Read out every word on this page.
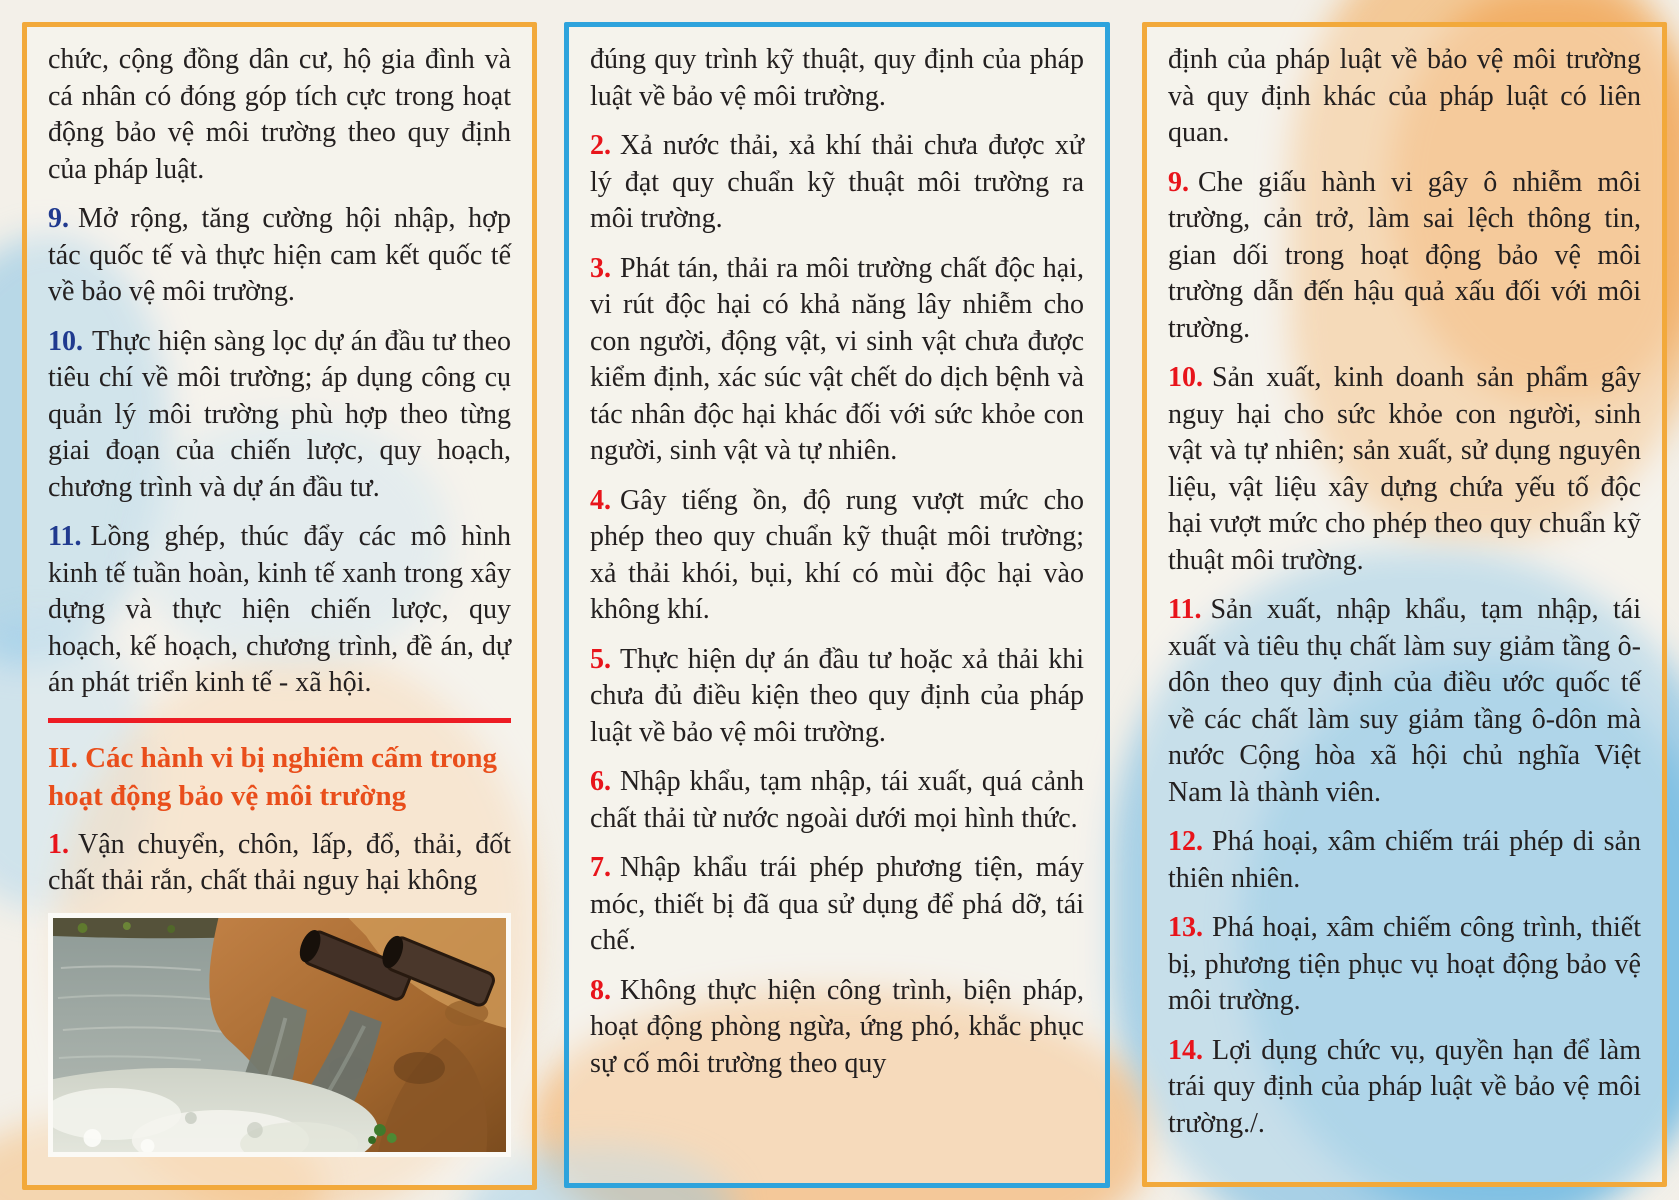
chức, cộng đồng dân cư, hộ gia đình và cá nhân có đóng góp tích cực trong hoạt động bảo vệ môi trường theo quy định của pháp luật.

9. Mở rộng, tăng cường hội nhập, hợp tác quốc tế và thực hiện cam kết quốc tế về bảo vệ môi trường.

10. Thực hiện sàng lọc dự án đầu tư theo tiêu chí về môi trường; áp dụng công cụ quản lý môi trường phù hợp theo từng giai đoạn của chiến lược, quy hoạch, chương trình và dự án đầu tư.

11. Lồng ghép, thúc đẩy các mô hình kinh tế tuần hoàn, kinh tế xanh trong xây dựng và thực hiện chiến lược, quy hoạch, kế hoạch, chương trình, đề án, dự án phát triển kinh tế - xã hội.

II. Các hành vi bị nghiêm cấm trong hoạt động bảo vệ môi trường

1. Vận chuyển, chôn, lấp, đổ, thải, đốt chất thải rắn, chất thải nguy hại không

đúng quy trình kỹ thuật, quy định của pháp luật về bảo vệ môi trường.

2. Xả nước thải, xả khí thải chưa được xử lý đạt quy chuẩn kỹ thuật môi trường ra môi trường.

3. Phát tán, thải ra môi trường chất độc hại, vi rút độc hại có khả năng lây nhiễm cho con người, động vật, vi sinh vật chưa được kiểm định, xác súc vật chết do dịch bệnh và tác nhân độc hại khác đối với sức khỏe con người, sinh vật và tự nhiên.

4. Gây tiếng ồn, độ rung vượt mức cho phép theo quy chuẩn kỹ thuật môi trường; xả thải khói, bụi, khí có mùi độc hại vào không khí.

5. Thực hiện dự án đầu tư hoặc xả thải khi chưa đủ điều kiện theo quy định của pháp luật về bảo vệ môi trường.

6. Nhập khẩu, tạm nhập, tái xuất, quá cảnh chất thải từ nước ngoài dưới mọi hình thức.

7. Nhập khẩu trái phép phương tiện, máy móc, thiết bị đã qua sử dụng để phá dỡ, tái chế.

8. Không thực hiện công trình, biện pháp, hoạt động phòng ngừa, ứng phó, khắc phục sự cố môi trường theo quy

định của pháp luật về bảo vệ môi trường và quy định khác của pháp luật có liên quan.

9. Che giấu hành vi gây ô nhiễm môi trường, cản trở, làm sai lệch thông tin, gian dối trong hoạt động bảo vệ môi trường dẫn đến hậu quả xấu đối với môi trường.

10. Sản xuất, kinh doanh sản phẩm gây nguy hại cho sức khỏe con người, sinh vật và tự nhiên; sản xuất, sử dụng nguyên liệu, vật liệu xây dựng chứa yếu tố độc hại vượt mức cho phép theo quy chuẩn kỹ thuật môi trường.

11. Sản xuất, nhập khẩu, tạm nhập, tái xuất và tiêu thụ chất làm suy giảm tầng ô-dôn theo quy định của điều ước quốc tế về các chất làm suy giảm tầng ô-dôn mà nước Cộng hòa xã hội chủ nghĩa Việt Nam là thành viên.

12. Phá hoại, xâm chiếm trái phép di sản thiên nhiên.

13. Phá hoại, xâm chiếm công trình, thiết bị, phương tiện phục vụ hoạt động bảo vệ môi trường.

14. Lợi dụng chức vụ, quyền hạn để làm trái quy định của pháp luật về bảo vệ môi trường./.
